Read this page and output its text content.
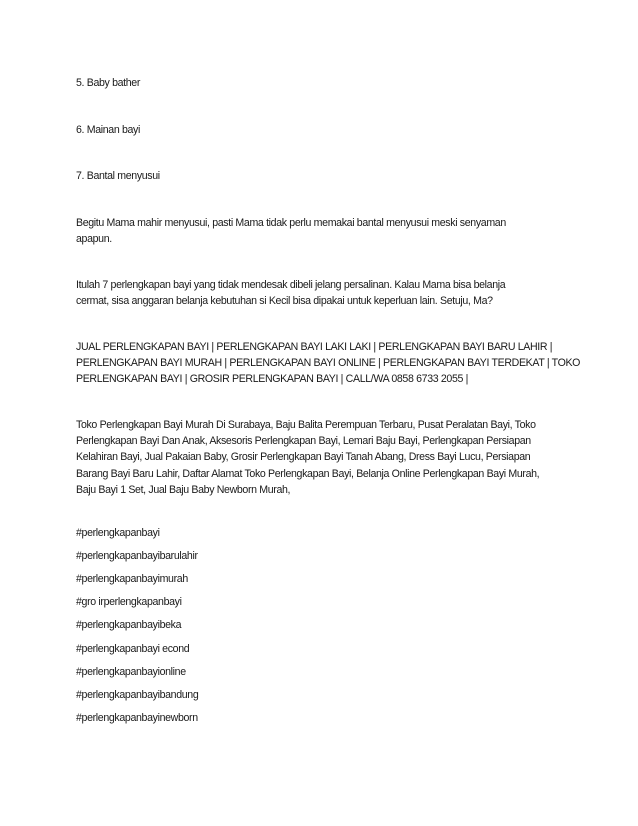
5. Baby bather

6. Mainan bayi

7. Bantal menyusui

Begitu Mama mahir menyusui, pasti Mama tidak perlu memakai bantal menyusui meski senyaman
apapun.
Itulah 7 perlengkapan bayi yang tidak mendesak dibeli jelang persalinan. Kalau Mama bisa belanja
cermat, sisa anggaran belanja kebutuhan si Kecil bisa dipakai untuk keperluan lain. Setuju, Ma?
JUAL PERLENGKAPAN BAYI | PERLENGKAPAN BAYI LAKI LAKI | PERLENGKAPAN BAYI BARU LAHIR |
PERLENGKAPAN BAYI MURAH | PERLENGKAPAN BAYI ONLINE | PERLENGKAPAN BAYI TERDEKAT | TOKO
PERLENGKAPAN BAYI | GROSIR PERLENGKAPAN BAYI | CALL/WA 0858 6733 2055 |
Toko Perlengkapan Bayi Murah Di Surabaya, Baju Balita Perempuan Terbaru, Pusat Peralatan Bayi, Toko
Perlengkapan Bayi Dan Anak, Aksesoris Perlengkapan Bayi, Lemari Baju Bayi, Perlengkapan Persiapan
Kelahiran Bayi, Jual Pakaian Baby, Grosir Perlengkapan Bayi Tanah Abang, Dress Bayi Lucu, Persiapan
Barang Bayi Baru Lahir, Daftar Alamat Toko Perlengkapan Bayi, Belanja Online Perlengkapan Bayi Murah,
Baju Bayi 1 Set, Jual Baju Baby Newborn Murah,

#perlengkapanbayi

#perlengkapanbayibarulahir

#perlengkapanbayimurah

#gro irperlengkapanbayi

#perlengkapanbayibeka

#perlengkapanbayi econd

#perlengkapanbayionline

#perlengkapanbayibandung

#perlengkapanbayinewborn
